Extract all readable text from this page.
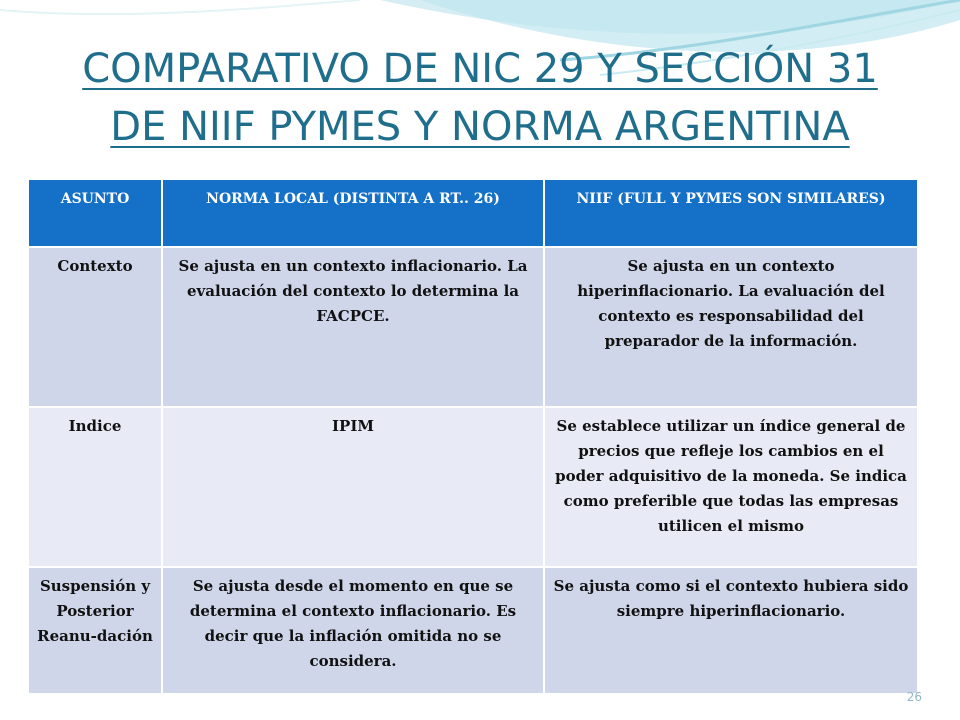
COMPARATIVO DE NIC 29 Y SECCIÓN 31
DE NIIF PYMES Y NORMA ARGENTINA
ASUNTO	NORMA LOCAL (DISTINTA A RT.. 26)	NIIF (FULL Y PYMES SON SIMILARES)
Contexto	Se ajusta en un contexto inflacionario. La evaluación del contexto lo determina la FACPCE.	Se ajusta en un contexto hiperinflacionario. La evaluación del contexto es responsabilidad del preparador de la información.
Indice	IPIM	Se establece utilizar un índice general de precios que refleje los cambios en el poder adquisitivo de la moneda. Se indica como preferible que todas las empresas utilicen el mismo
Suspensión y Posterior Reanu-dación	Se ajusta desde el momento en que se determina el contexto inflacionario. Es decir que la inflación omitida no se considera.	Se ajusta como si el contexto hubiera sido siempre hiperinflacionario.
26
